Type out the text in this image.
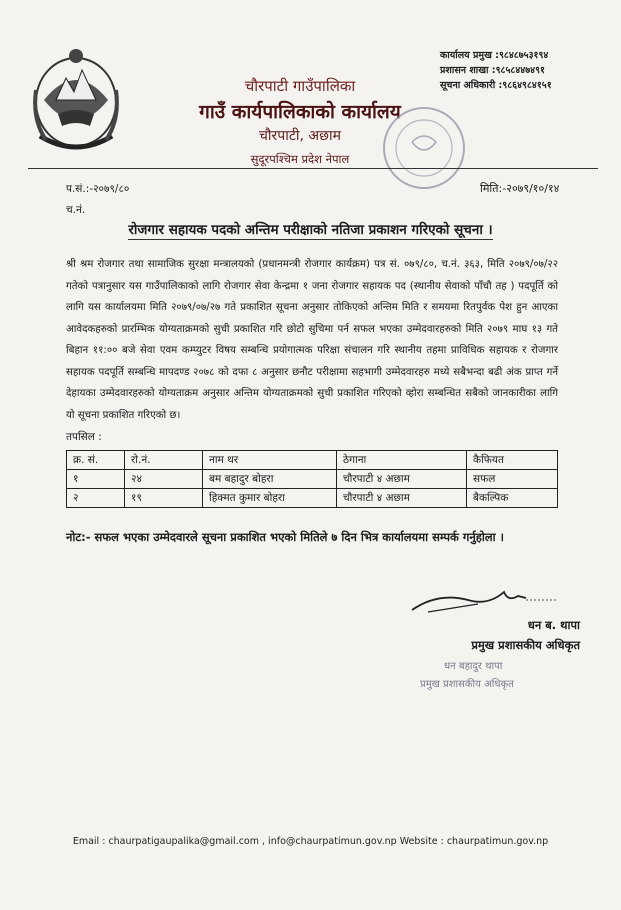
चौरपाटी गाउँपालिका
गाउँ कार्यपालिकाको कार्यालय
चौरपाटी, अछाम
सुदूरपश्चिम प्रदेश नेपाल
कार्यालय प्रमुख :९८४८७५३१९४
प्रशासन शाखा :९८५८४४७४९१
सूचना अधिकारी :९८६४९८४१५१
प.सं.:-२०७९/८०
च.नं.
मिति:-२०७९/१०/१४
रोजगार सहायक पदको अन्तिम परीक्षाको नतिजा प्रकाशन गरिएको सूचना ।

श्री श्रम रोजगार तथा सामाजिक सुरक्षा मन्त्रालयको (प्रधानमन्त्री रोजगार कार्यक्रम) पत्र सं. ०७९/८०, च.नं. ३६३, मिति २०७९/०७/२२ गतेको पत्रानुसार यस गाउँपालिकाको लागि रोजगार सेवा केन्द्रमा १ जना रोजगार सहायक पद (स्थानीय सेवाको पाँचौ तह ) पदपूर्ति को लागि यस कार्यालयमा मिति २०७९/०७/२७ गते प्रकाशित सूचना अनुसार तोकिएको अन्तिम मिति र समयमा रितपुर्वक पेश हुन आएका आवेदकहरुको प्रारम्भिक योग्यताक्रमको सुची प्रकाशित गरि छोटो सुचिमा पर्न सफल भएका उम्मेदवारहरुको मिति २०७९ माघ १३ गते बिहान ११:०० बजे सेवा एवम कम्प्युटर विषय सम्बन्धि प्रयोगात्मक परिक्षा संचालन गरि स्थानीय तहमा प्राविधिक सहायक र रोजगार सहायक पदपूर्ति सम्बन्धि मापदण्ड २०७८ को दफा ८ अनुसार छनौट परीक्षामा सहभागी उम्मेदवारहरु मध्ये सबैभन्दा बढी अंक प्राप्त गर्ने देहायका उम्मेदवारहरुको योग्यताक्रम अनुसार अन्तिम योग्यताक्रमको सुची प्रकाशित गरिएको व्होरा सम्बन्धित सबैको जानकारीका लागि यो सूचना प्रकाशित गरिएको छ।

तपसिल :
क्र. सं.	रो.नं.	नाम थर	ठेगाना	कैफियत
१	२४	बम बहादुर बोहरा	चौरपाटी ४ अछाम	सफल
२	१९	हिक्मत कुमार बोहरा	चौरपाटी ४ अछाम	बैकल्पिक
नोट:- सफल भएका उम्मेदवारले सूचना प्रकाशित भएको मितिले ७ दिन भित्र कार्यालयमा सम्पर्क गर्नुहोला ।
धन ब. थापा
प्रमुख प्रशासकीय अधिकृत
धन बहादुर थापा
प्रमुख प्रशासकीय अधिकृत
Email : chaurpatigaupalika@gmail.com , info@chaurpatimun.gov.np Website : chaurpatimun.gov.np
